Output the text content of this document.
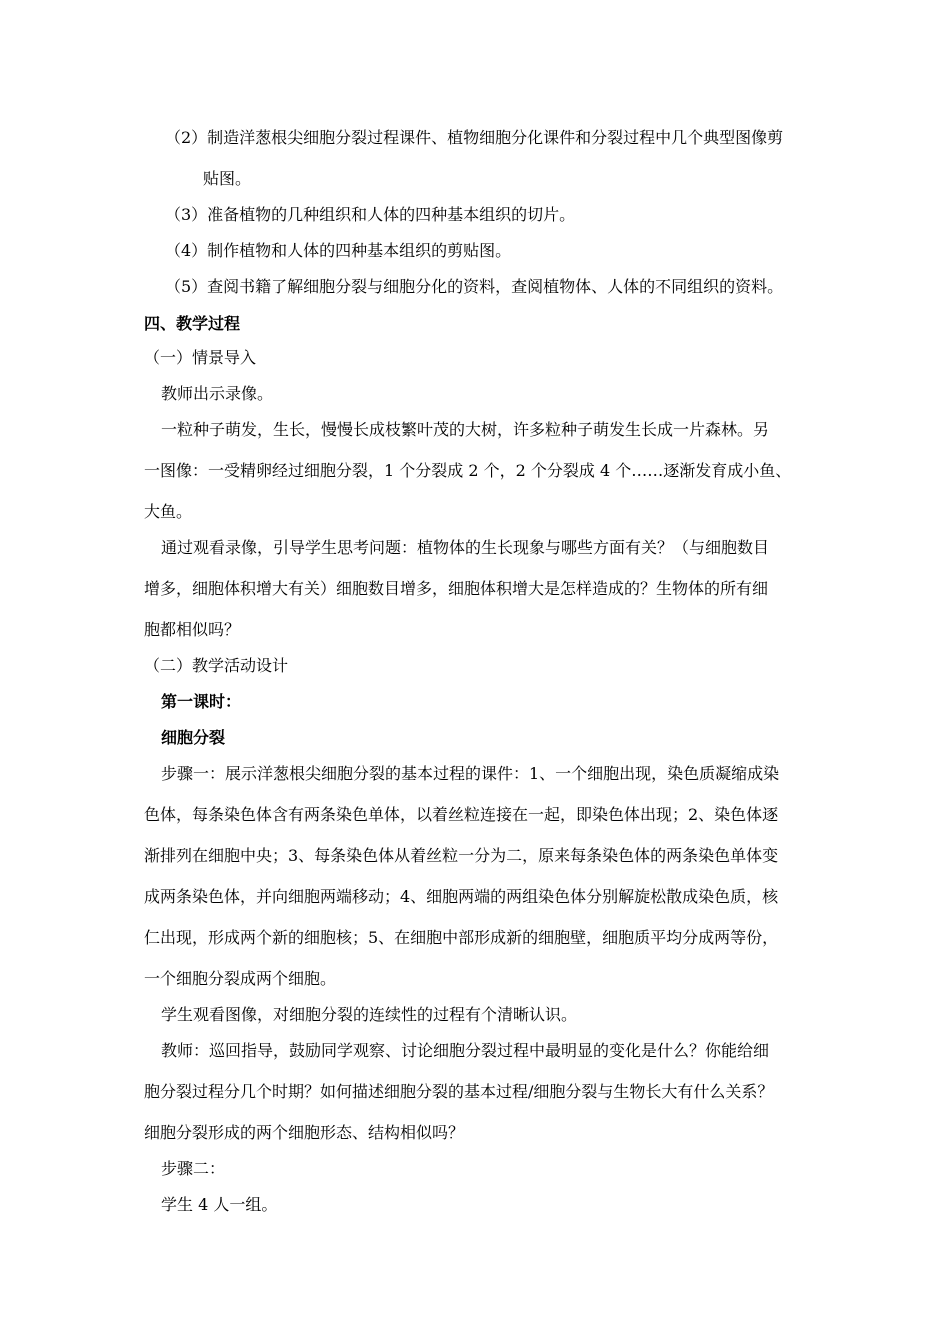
（2）制造洋葱根尖细胞分裂过程课件、植物细胞分化课件和分裂过程中几个典型图像剪
贴图。
（3）准备植物的几种组织和人体的四种基本组织的切片。
（4）制作植物和人体的四种基本组织的剪贴图。
（5）查阅书籍了解细胞分裂与细胞分化的资料，查阅植物体、人体的不同组织的资料。
四、教学过程
（一）情景导入
教师出示录像。
一粒种子萌发，生长，慢慢长成枝繁叶茂的大树，许多粒种子萌发生长成一片森林。另
一图像：一受精卵经过细胞分裂，1 个分裂成 2 个，2 个分裂成 4 个……逐渐发育成小鱼、
大鱼。
通过观看录像，引导学生思考问题：植物体的生长现象与哪些方面有关？（与细胞数目
增多，细胞体积增大有关）细胞数目增多，细胞体积增大是怎样造成的？生物体的所有细
胞都相似吗？
（二）教学活动设计
第一课时：
细胞分裂
步骤一：展示洋葱根尖细胞分裂的基本过程的课件：1、一个细胞出现，染色质凝缩成染
色体，每条染色体含有两条染色单体，以着丝粒连接在一起，即染色体出现；2、染色体逐
渐排列在细胞中央；3、每条染色体从着丝粒一分为二，原来每条染色体的两条染色单体变
成两条染色体，并向细胞两端移动；4、细胞两端的两组染色体分别解旋松散成染色质，核
仁出现，形成两个新的细胞核；5、在细胞中部形成新的细胞壁，细胞质平均分成两等份，
一个细胞分裂成两个细胞。
学生观看图像，对细胞分裂的连续性的过程有个清晰认识。
教师：巡回指导，鼓励同学观察、讨论细胞分裂过程中最明显的变化是什么？你能给细
胞分裂过程分几个时期？如何描述细胞分裂的基本过程/细胞分裂与生物长大有什么关系？
细胞分裂形成的两个细胞形态、结构相似吗？
步骤二：
学生 4 人一组。
